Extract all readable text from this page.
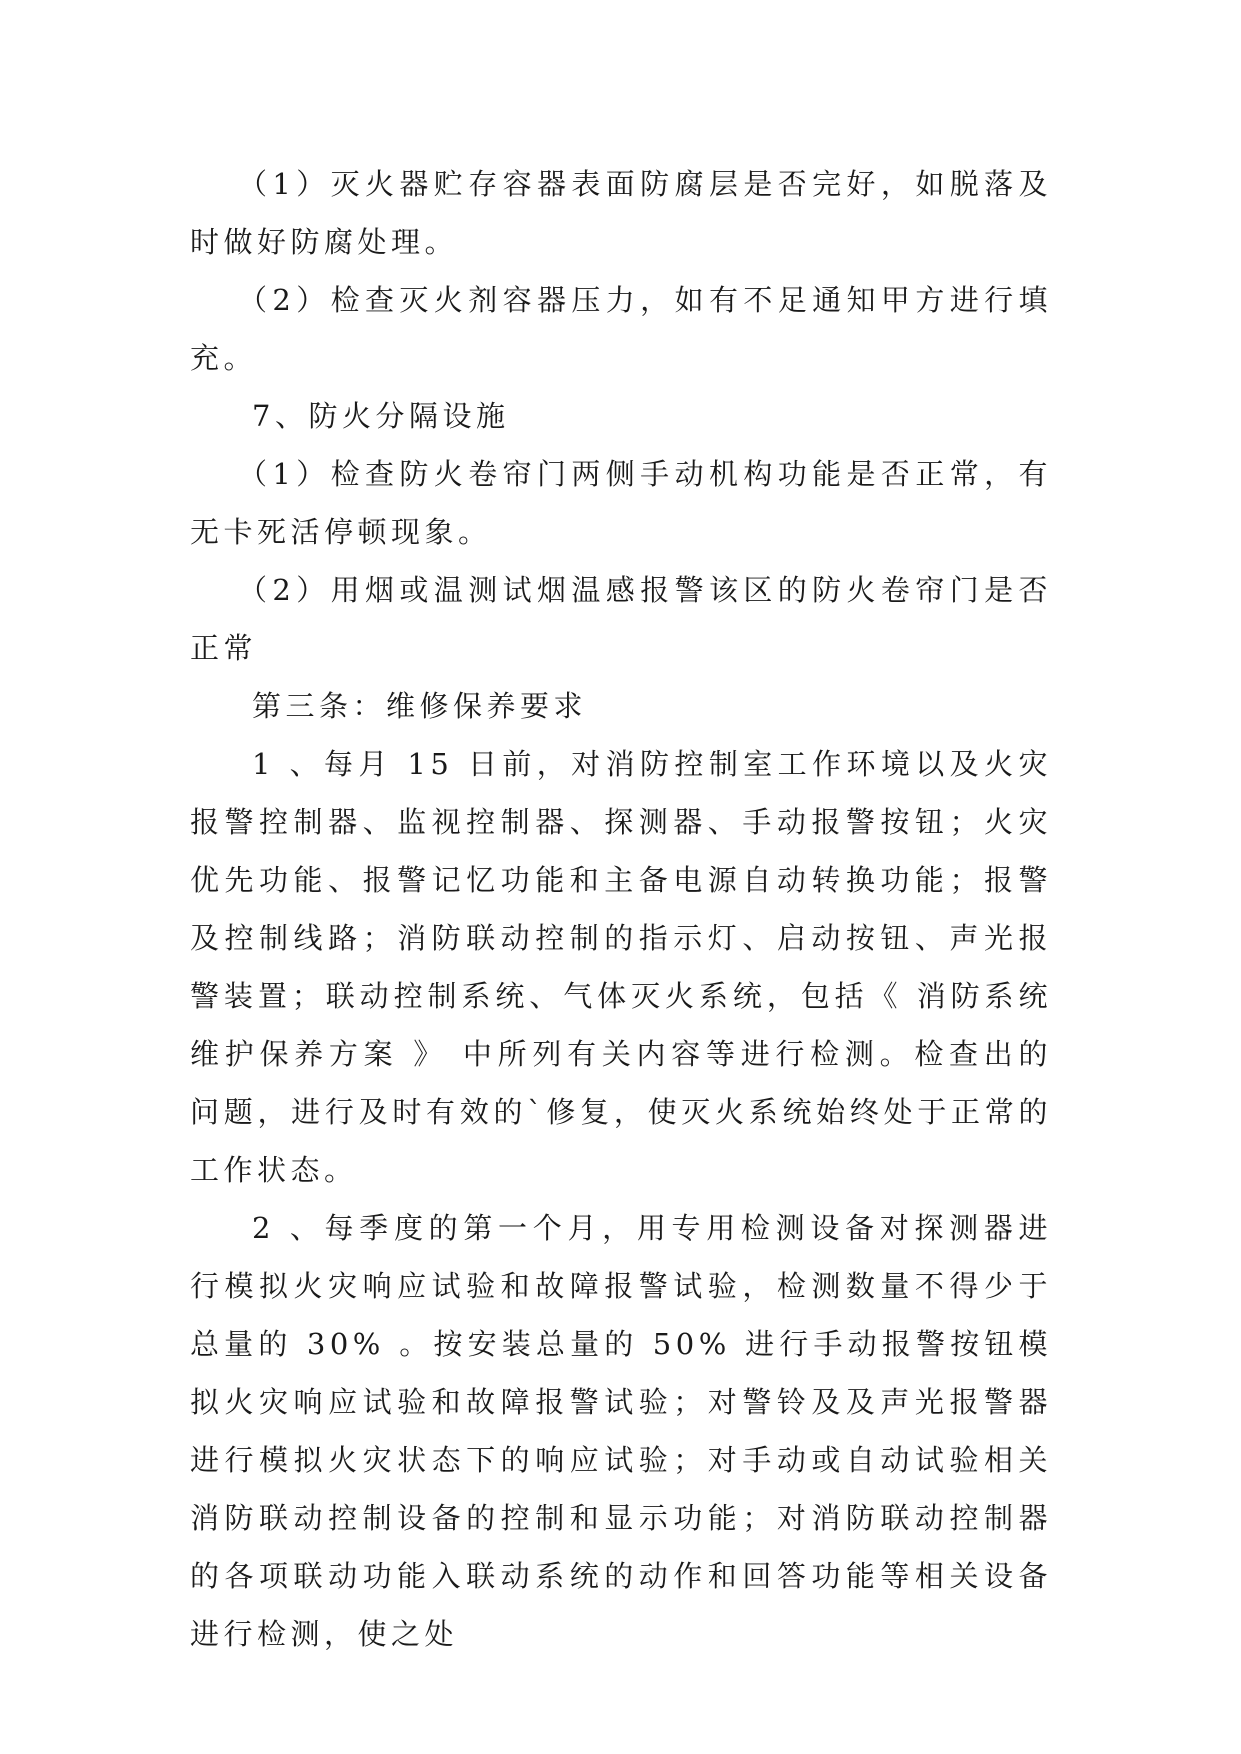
（1）灭火器贮存容器表面防腐层是否完好，如脱落及时做好防腐处理。

（2）检查灭火剂容器压力，如有不足通知甲方进行填充。

7、防火分隔设施

（1）检查防火卷帘门两侧手动机构功能是否正常，有无卡死活停顿现象。

（2）用烟或温测试烟温感报警该区的防火卷帘门是否正常

第三条：维修保养要求

1 、每月 15 日前，对消防控制室工作环境以及火灾报警控制器、监视控制器、探测器、手动报警按钮；火灾优先功能、报警记忆功能和主备电源自动转换功能；报警及控制线路；消防联动控制的指示灯、启动按钮、声光报警装置；联动控制系统、气体灭火系统，包括《 消防系统维护保养方案 》 中所列有关内容等进行检测。检查出的问题，进行及时有效的`修复，使灭火系统始终处于正常的工作状态。

2 、每季度的第一个月，用专用检测设备对探测器进行模拟火灾响应试验和故障报警试验，检测数量不得少于总量的 30% 。按安装总量的 50% 进行手动报警按钮模拟火灾响应试验和故障报警试验；对警铃及及声光报警器进行模拟火灾状态下的响应试验；对手动或自动试验相关消防联动控制设备的控制和显示功能；对消防联动控制器的各项联动功能入联动系统的动作和回答功能等相关设备进行检测，使之处
